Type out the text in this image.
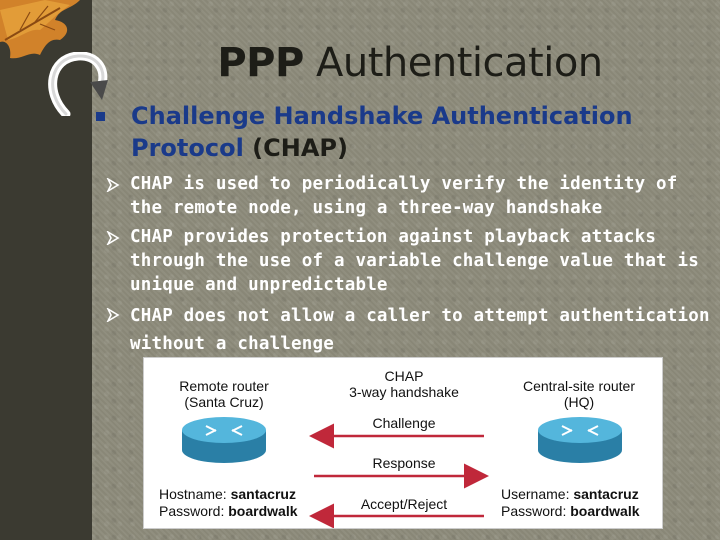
PPP Authentication
Challenge Handshake Authentication Protocol (CHAP)
CHAP is used to periodically verify the identity of the remote node, using a three-way handshake
CHAP provides protection against playback attacks through the use of a variable challenge value that is unique and unpredictable
CHAP does not allow a caller to attempt authentication without a challenge
Remote router
(Santa Cruz)
CHAP
3-way handshake	Central-site router
(HQ)
Challenge
Response
Accept/Reject
Hostname: santacruz
Password: boardwalk
Username: santacruz
Password: boardwalk
